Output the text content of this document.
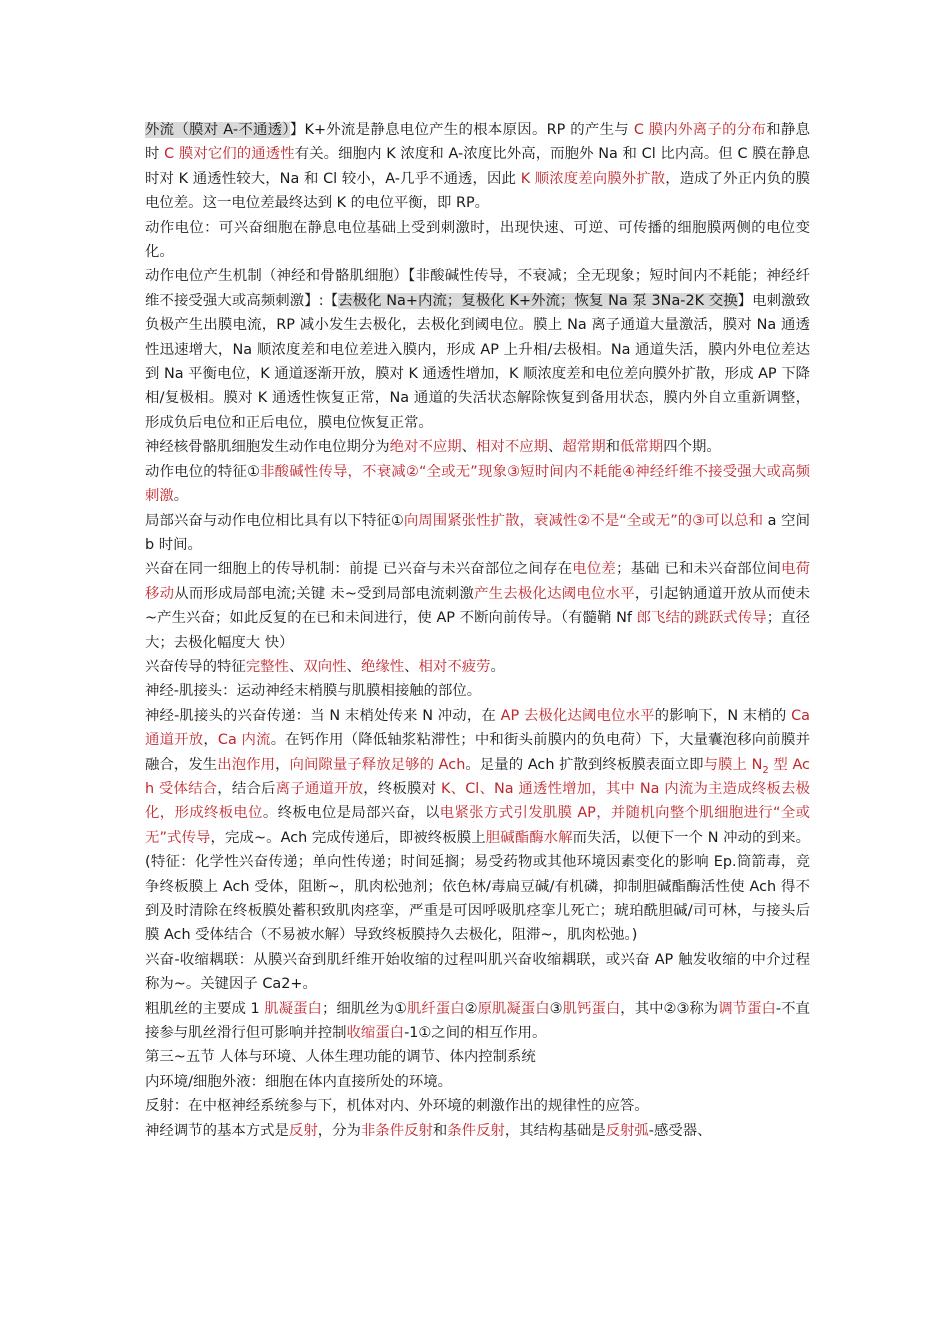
外流（膜对 A-不通透）】K+外流是静息电位产生的根本原因。RP 的产生与 C 膜内外离子的分布和静息时 C 膜对它们的通透性有关。细胞内 K 浓度和 A-浓度比外高，而胞外 Na 和 Cl 比内高。但 C 膜在静息时对 K 通透性较大，Na 和 Cl 较小，A-几乎不通透，因此 K 顺浓度差向膜外扩散，造成了外正内负的膜电位差。这一电位差最终达到 K 的电位平衡，即 RP。

动作电位：可兴奋细胞在静息电位基础上受到刺激时，出现快速、可逆、可传播的细胞膜两侧的电位变化。

动作电位产生机制（神经和骨骼肌细胞）【非酸碱性传导，不衰减；全无现象；短时间内不耗能；神经纤维不接受强大或高频刺激】:【去极化 Na+内流；复极化 K+外流；恢复 Na 泵 3Na-2K 交换】电刺激致负极产生出膜电流，RP 减小发生去极化，去极化到阈电位。膜上 Na 离子通道大量激活，膜对 Na 通透性迅速增大，Na 顺浓度差和电位差进入膜内，形成 AP 上升相/去极相。Na 通道失活，膜内外电位差达到 Na 平衡电位，K 通道逐渐开放，膜对 K 通透性增加，K 顺浓度差和电位差向膜外扩散，形成 AP 下降相/复极相。膜对 K 通透性恢复正常，Na 通道的失活状态解除恢复到备用状态，膜内外自立重新调整，形成负后电位和正后电位，膜电位恢复正常。

神经核骨骼肌细胞发生动作电位期分为绝对不应期、相对不应期、超常期和低常期四个期。

动作电位的特征①非酸碱性传导，不衰减②“全或无”现象③短时间内不耗能④神经纤维不接受强大或高频刺激。

局部兴奋与动作电位相比具有以下特征①向周围紧张性扩散，衰减性②不是“全或无”的③可以总和 a 空间 b 时间。

兴奋在同一细胞上的传导机制：前提 已兴奋与未兴奋部位之间存在电位差；基础 已和未兴奋部位间电荷移动从而形成局部电流;关键 未~受到局部电流刺激产生去极化达阈电位水平，引起钠通道开放从而使未~产生兴奋；如此反复的在已和未间进行，使 AP 不断向前传导。（有髓鞘 Nf 郎飞结的跳跃式传导；直径大；去极化幅度大 快）

兴奋传导的特征完整性、双向性、绝缘性、相对不疲劳。

神经-肌接头：运动神经末梢膜与肌膜相接触的部位。

神经-肌接头的兴奋传递：当 N 末梢处传来 N 冲动，在 AP 去极化达阈电位水平的影响下，N 末梢的 Ca 通道开放，Ca 内流。在钙作用（降低轴浆粘滞性；中和街头前膜内的负电荷）下，大量囊泡移向前膜并融合，发生出泡作用，向间隙量子释放足够的 Ach。足量的 Ach 扩散到终板膜表面立即与膜上 $N_2$ 型 Ach 受体结合，结合后离子通道开放，终板膜对 K、Cl、Na 通透性增加，其中 Na 内流为主造成终板去极化，形成终板电位。终板电位是局部兴奋，以电紧张方式引发肌膜 AP，并随机向整个肌细胞进行“全或无”式传导，完成~。Ach 完成传递后，即被终板膜上胆碱酯酶水解而失活，以便下一个 N 冲动的到来。(特征：化学性兴奋传递；单向性传递；时间延搁；易受药物或其他环境因素变化的影响 Ep.筒箭毒，竞争终板膜上 Ach 受体，阻断~，肌肉松弛剂；依色林/毒扁豆碱/有机磷，抑制胆碱酯酶活性使 Ach 得不到及时清除在终板膜处蓄积致肌肉痉挛，严重是可因呼吸肌痉挛儿死亡；琥珀酰胆碱/司可林，与接头后膜 Ach 受体结合（不易被水解）导致终板膜持久去极化，阻滞~，肌肉松弛。)

兴奋-收缩耦联：从膜兴奋到肌纤维开始收缩的过程叫肌兴奋收缩耦联，或兴奋 AP 触发收缩的中介过程称为~。关键因子 Ca2+。

粗肌丝的主要成 1 肌凝蛋白；细肌丝为①肌纤蛋白②原肌凝蛋白③肌钙蛋白，其中②③称为调节蛋白-不直接参与肌丝滑行但可影响并控制收缩蛋白-1①之间的相互作用。

第三~五节 人体与环境、人体生理功能的调节、体内控制系统

内环境/细胞外液：细胞在体内直接所处的环境。

反射：在中枢神经系统参与下，机体对内、外环境的刺激作出的规律性的应答。

神经调节的基本方式是反射，分为非条件反射和条件反射，其结构基础是反射弧-感受器、
